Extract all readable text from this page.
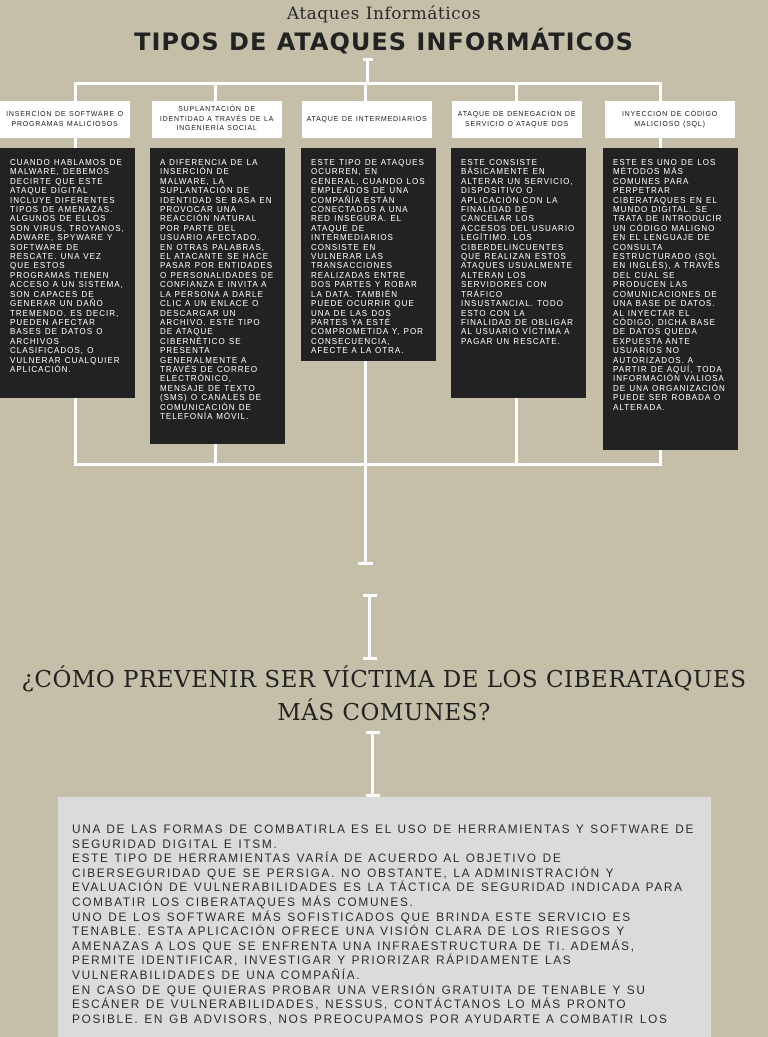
Ataques Informáticos
TIPOS DE ATAQUES INFORMÁTICOS
INSERCIÓN DE SOFTWARE O PROGRAMAS MALICIOSOS
CUANDO HABLAMOS DE MALWARE, DEBEMOS DECIRTE QUE ESTE ATAQUE DIGITAL INCLUYE DIFERENTES TIPOS DE AMENAZAS. ALGUNOS DE ELLOS SON VIRUS, TROYANOS, ADWARE, SPYWARE Y SOFTWARE DE RESCATE. UNA VEZ QUE ESTOS PROGRAMAS TIENEN ACCESO A UN SISTEMA, SON CAPACES DE GENERAR UN DAÑO TREMENDO. ES DECIR, PUEDEN AFECTAR BASES DE DATOS O ARCHIVOS CLASIFICADOS, O VULNERAR CUALQUIER APLICACIÓN.
SUPLANTACIÓN DE IDENTIDAD A TRAVÉS DE LA INGENIERÍA SOCIAL
A DIFERENCIA DE LA INSERCIÓN DE MALWARE, LA SUPLANTACIÓN DE IDENTIDAD SE BASA EN PROVOCAR UNA REACCIÓN NATURAL POR PARTE DEL USUARIO AFECTADO. EN OTRAS PALABRAS, EL ATACANTE SE HACE PASAR POR ENTIDADES O PERSONALIDADES DE CONFIANZA E INVITA A LA PERSONA A DARLE CLIC A UN ENLACE O DESCARGAR UN ARCHIVO. ESTE TIPO DE ATAQUE CIBERNÉTICO SE PRESENTA GENERALMENTE A TRAVÉS DE CORREO ELECTRÓNICO, MENSAJE DE TEXTO (SMS) O CANALES DE COMUNICACIÓN DE TELEFONÍA MÓVIL.
ATAQUE DE INTERMEDIARIOS
ESTE TIPO DE ATAQUES OCURREN, EN GENERAL, CUANDO LOS EMPLEADOS DE UNA COMPAÑÍA ESTÁN CONECTADOS A UNA RED INSEGURA. EL ATAQUE DE INTERMEDIARIOS CONSISTE EN VULNERAR LAS TRANSACCIONES REALIZADAS ENTRE DOS PARTES Y ROBAR LA DATA. TAMBIÉN PUEDE OCURRIR QUE UNA DE LAS DOS PARTES YA ESTÉ COMPROMETIDA Y, POR CONSECUENCIA, AFECTE A LA OTRA.
ATAQUE DE DENEGACIÓN DE SERVICIO O ATAQUE DOS
ESTE CONSISTE BÁSICAMENTE EN ALTERAR UN SERVICIO, DISPOSITIVO O APLICACIÓN CON LA FINALIDAD DE CANCELAR LOS ACCESOS DEL USUARIO LEGÍTIMO. LOS CIBERDELINCUENTES QUE REALIZAN ESTOS ATAQUES USUALMENTE ALTERAN LOS SERVIDORES CON TRÁFICO INSUSTANCIAL. TODO ESTO CON LA FINALIDAD DE OBLIGAR AL USUARIO VÍCTIMA A PAGAR UN RESCATE.
INYECCIÓN DE CÓDIGO MALICIOSO (SQL)
ESTE ES UNO DE LOS MÉTODOS MÁS COMUNES PARA PERPETRAR CIBERATAQUES EN EL MUNDO DIGITAL. SE TRATA DE INTRODUCIR UN CÓDIGO MALIGNO EN EL LENGUAJE DE CONSULTA ESTRUCTURADO (SQL EN INGLÉS), A TRAVÉS DEL CUAL SE PRODUCEN LAS COMUNICACIONES DE UNA BASE DE DATOS. AL INYECTAR EL CÓDIGO, DICHA BASE DE DATOS QUEDA EXPUESTA ANTE USUARIOS NO AUTORIZADOS. A PARTIR DE AQUÍ, TODA INFORMACIÓN VALIOSA DE UNA ORGANIZACIÓN PUEDE SER ROBADA O ALTERADA.
¿CÓMO PREVENIR SER VÍCTIMA DE LOS CIBERATAQUES MÁS COMUNES?

UNA DE LAS FORMAS DE COMBATIRLA ES EL USO DE HERRAMIENTAS Y SOFTWARE DE SEGURIDAD DIGITAL E ITSM.

ESTE TIPO DE HERRAMIENTAS VARÍA DE ACUERDO AL OBJETIVO DE CIBERSEGURIDAD QUE SE PERSIGA. NO OBSTANTE, LA ADMINISTRACIÓN Y EVALUACIÓN DE VULNERABILIDADES ES LA TÁCTICA DE SEGURIDAD INDICADA PARA COMBATIR LOS CIBERATAQUES MÁS COMUNES.

UNO DE LOS SOFTWARE MÁS SOFISTICADOS QUE BRINDA ESTE SERVICIO ES TENABLE. ESTA APLICACIÓN OFRECE UNA VISIÓN CLARA DE LOS RIESGOS Y AMENAZAS A LOS QUE SE ENFRENTA UNA INFRAESTRUCTURA DE TI. ADEMÁS, PERMITE IDENTIFICAR, INVESTIGAR Y PRIORIZAR RÁPIDAMENTE LAS VULNERABILIDADES DE UNA COMPAÑÍA.

EN CASO DE QUE QUIERAS PROBAR UNA VERSIÓN GRATUITA DE TENABLE Y SU ESCÁNER DE VULNERABILIDADES, NESSUS, CONTÁCTANOS LO MÁS PRONTO POSIBLE. EN GB ADVISORS, NOS PREOCUPAMOS POR AYUDARTE A COMBATIR LOS
